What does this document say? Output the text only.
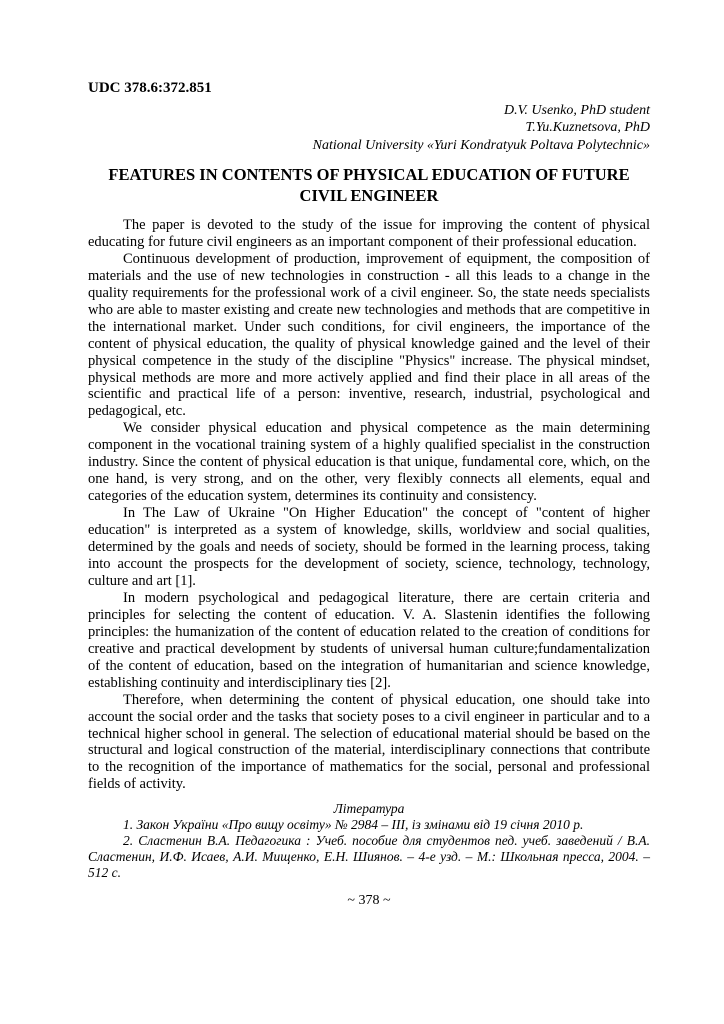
UDC 378.6:372.851
D.V. Usenko, PhD student
T.Yu.Kuznetsova, PhD
National University «Yuri Kondratyuk Poltava Polytechnic»
FEATURES IN CONTENTS OF PHYSICAL EDUCATION OF FUTURE CIVIL ENGINEER

The paper is devoted to the study of the issue for improving the content of physical educating for future civil engineers as an important component of their professional education.

Continuous development of production, improvement of equipment, the composition of materials and the use of new technologies in construction - all this leads to a change in the quality requirements for the professional work of a civil engineer. So, the state needs specialists who are able to master existing and create new technologies and methods that are competitive in the international market. Under such conditions, for civil engineers, the importance of the content of physical education, the quality of physical knowledge gained and the level of their physical competence in the study of the discipline "Physics" increase. The physical mindset, physical methods are more and more actively applied and find their place in all areas of the scientific and practical life of a person: inventive, research, industrial, psychological and pedagogical, etc.

We consider physical education and physical competence as the main determining component in the vocational training system of a highly qualified specialist in the construction industry. Since the content of physical education is that unique, fundamental core, which, on the one hand, is very strong, and on the other, very flexibly connects all elements, equal and categories of the education system, determines its continuity and consistency.

In The Law of Ukraine "On Higher Education" the concept of "content of higher education" is interpreted as a system of knowledge, skills, worldview and social qualities, determined by the goals and needs of society, should be formed in the learning process, taking into account the prospects for the development of society, science, technology, technology, culture and art [1].

In modern psychological and pedagogical literature, there are certain criteria and principles for selecting the content of education. V. A. Slastenin identifies the following principles: the humanization of the content of education related to the creation of conditions for creative and practical development by students of universal human culture;fundamentalization of the content of education, based on the integration of humanitarian and science knowledge, establishing continuity and interdisciplinary ties [2].

Therefore, when determining the content of physical education, one should take into account the social order and the tasks that society poses to a civil engineer in particular and to a technical higher school in general. The selection of educational material should be based on the structural and logical construction of the material, interdisciplinary connections that contribute to the recognition of the importance of mathematics for the social, personal and professional fields of activity.

Література

1. Закон України «Про вищу освіту» № 2984 – ІІІ, із змінами від 19 січня 2010 р.

2. Сластенин В.А. Педагогика : Учеб. пособие для студентов пед. учеб. заведений / В.А. Сластенин, И.Ф. Исаев, А.И. Мищенко, Е.Н. Шиянов. – 4-е узд. – М.: Школьная пресса, 2004. – 512 с.

~ 378 ~
